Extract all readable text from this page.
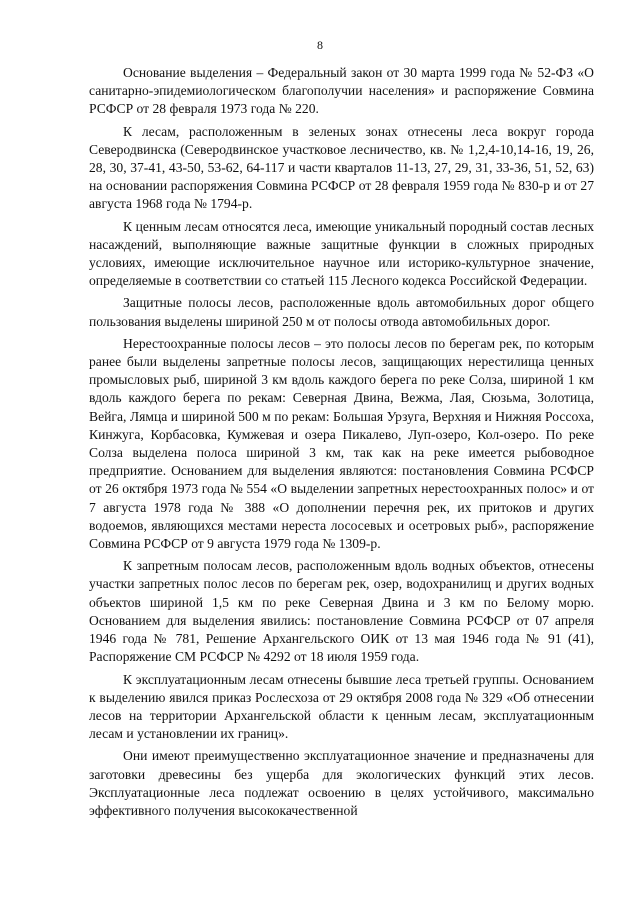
8

Основание выделения – Федеральный закон от 30 марта 1999 года № 52-ФЗ «О санитарно-эпидемиологическом благополучии населения» и распоряжение Совмина РСФСР от 28 февраля 1973 года № 220.

К лесам, расположенным в зеленых зонах отнесены леса вокруг города Северодвинска (Северодвинское участковое лесничество, кв. № 1,2,4-10,14-16, 19, 26, 28, 30, 37-41, 43-50, 53-62, 64-117 и части кварталов 11-13, 27, 29, 31, 33-36, 51, 52, 63) на основании распоряжения Совмина РСФСР от 28 февраля 1959 года № 830-р и от 27 августа 1968 года № 1794-р.

К ценным лесам относятся леса, имеющие уникальный породный состав лесных насаждений, выполняющие важные защитные функции в сложных природных условиях, имеющие исключительное научное или историко-культурное значение, определяемые в соответствии со статьей 115 Лесного кодекса Российской Федерации.

Защитные полосы лесов, расположенные вдоль автомобильных дорог общего пользования выделены шириной 250 м от полосы отвода автомобильных дорог.

Нерестоохранные полосы лесов – это полосы лесов по берегам рек, по которым ранее были выделены запретные полосы лесов, защищающих нерестилища ценных промысловых рыб, шириной 3 км вдоль каждого берега по реке Солза, шириной 1 км вдоль каждого берега по рекам: Северная Двина, Вежма, Лая, Сюзьма, Золотица, Вейга, Лямца и шириной 500 м по рекам: Большая Урзуга, Верхняя и Нижняя Россоха, Кинжуга, Корбасовка, Кумжевая и озера Пикалево, Луп-озеро, Кол-озеро. По реке Солза выделена полоса шириной 3 км, так как на реке имеется рыбоводное предприятие. Основанием для выделения являются: постановления Совмина РСФСР от 26 октября 1973 года № 554 «О выделении запретных нерестоохранных полос» и от 7 августа 1978 года № 388 «О дополнении перечня рек, их притоков и других водоемов, являющихся местами нереста лососевых и осетровых рыб», распоряжение Совмина РСФСР от 9 августа 1979 года № 1309-р.

К запретным полосам лесов, расположенным вдоль водных объектов, отнесены участки запретных полос лесов по берегам рек, озер, водохранилищ и других водных объектов шириной 1,5 км по реке Северная Двина и 3 км по Белому морю. Основанием для выделения явились: постановление Совмина РСФСР от 07 апреля 1946 года № 781, Решение Архангельского ОИК от 13 мая 1946 года № 91 (41), Распоряжение СМ РСФСР № 4292 от 18 июля 1959 года.

К эксплуатационным лесам отнесены бывшие леса третьей группы. Основанием к выделению явился приказ Рослесхоза от 29 октября 2008 года № 329 «Об отнесении лесов на территории Архангельской области к ценным лесам, эксплуатационным лесам и установлении их границ».

Они имеют преимущественно эксплуатационное значение и предназначены для заготовки древесины без ущерба для экологических функций этих лесов. Эксплуатационные леса подлежат освоению в целях устойчивого, максимально эффективного получения высококачественной
